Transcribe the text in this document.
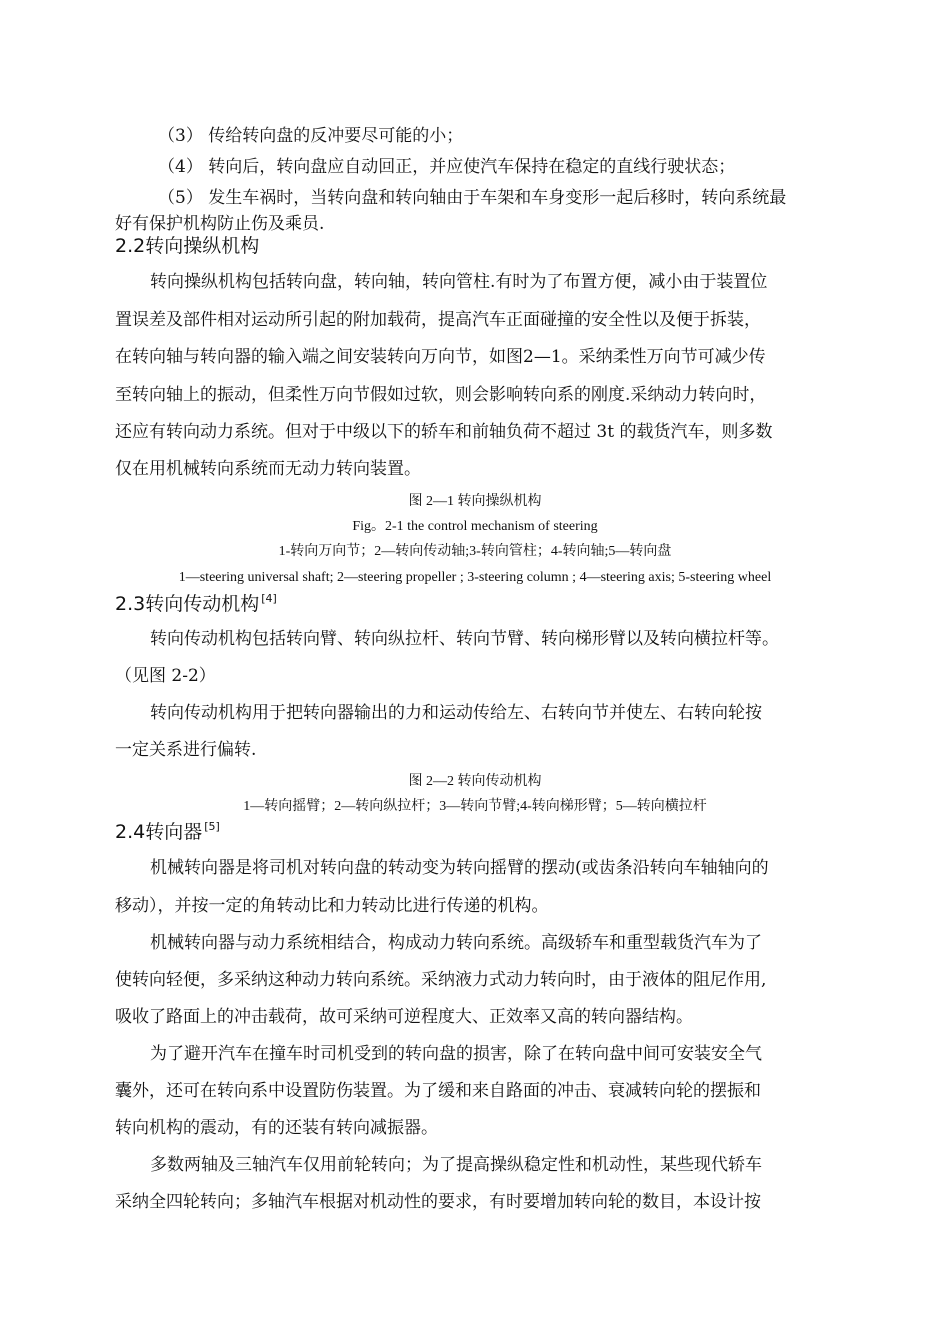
（3） 传给转向盘的反冲要尽可能的小；
（4） 转向后，转向盘应自动回正，并应使汽车保持在稳定的直线行驶状态；
（5） 发生车祸时，当转向盘和转向轴由于车架和车身变形一起后移时，转向系统最
好有保护机构防止伤及乘员.
2.2转向操纵机构
转向操纵机构包括转向盘，转向轴，转向管柱.有时为了布置方便，减小由于装置位
置误差及部件相对运动所引起的附加载荷，提高汽车正面碰撞的安全性以及便于拆装，
在转向轴与转向器的输入端之间安装转向万向节，如图2—1。采纳柔性万向节可减少传
至转向轴上的振动，但柔性万向节假如过软，则会影响转向系的刚度.采纳动力转向时，
还应有转向动力系统。但对于中级以下的轿车和前轴负荷不超过 3t 的载货汽车，则多数
仅在用机械转向系统而无动力转向装置。
图 2—1 转向操纵机构
Fig。2-1 the control mechanism of steering
1-转向万向节；2—转向传动轴;3-转向管柱；4-转向轴;5—转向盘
1—steering universal shaft; 2—steering propeller ; 3-steering column ; 4—steering axis; 5-steering wheel
2.3转向传动机构 [4]
转向传动机构包括转向臂、转向纵拉杆、转向节臂、转向梯形臂以及转向横拉杆等。
（见图 2-2）
转向传动机构用于把转向器输出的力和运动传给左、右转向节并使左、右转向轮按
一定关系进行偏转.
图 2—2 转向传动机构
1—转向摇臂；2—转向纵拉杆；3—转向节臂;4-转向梯形臂；5—转向横拉杆
2.4转向器 [5]
机械转向器是将司机对转向盘的转动变为转向摇臂的摆动(或齿条沿转向车轴轴向的
移动），并按一定的角转动比和力转动比进行传递的机构。
机械转向器与动力系统相结合，构成动力转向系统。高级轿车和重型载货汽车为了
使转向轻便，多采纳这种动力转向系统。采纳液力式动力转向时，由于液体的阻尼作用,
吸收了路面上的冲击载荷，故可采纳可逆程度大、正效率又高的转向器结构。
为了避开汽车在撞车时司机受到的转向盘的损害，除了在转向盘中间可安装安全气
囊外，还可在转向系中设置防伤装置。为了缓和来自路面的冲击、衰减转向轮的摆振和
转向机构的震动，有的还装有转向减振器。
多数两轴及三轴汽车仅用前轮转向；为了提高操纵稳定性和机动性，某些现代轿车
采纳全四轮转向；多轴汽车根据对机动性的要求，有时要增加转向轮的数目，本设计按
